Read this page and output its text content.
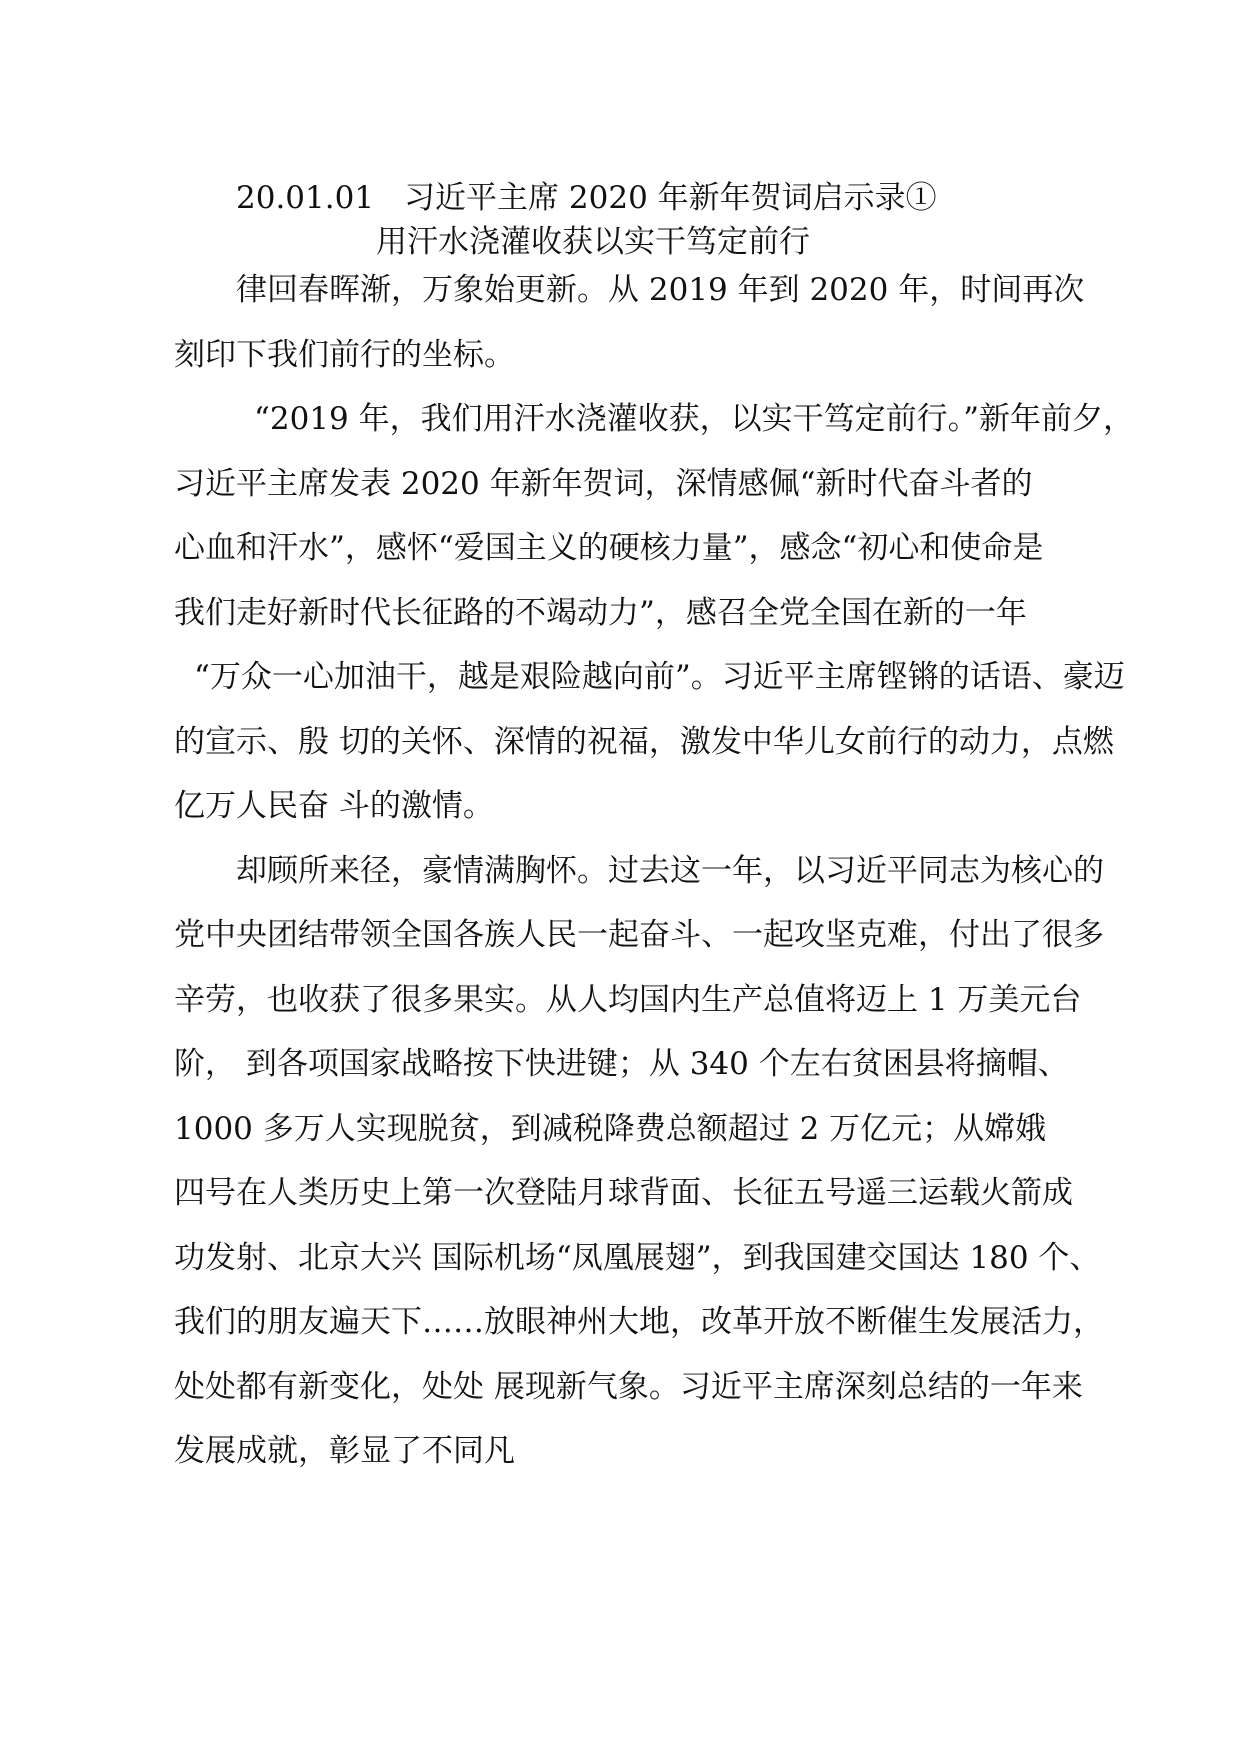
20.01.01 习近平主席 2020 年新年贺词启示录①
用汗水浇灌收获以实干笃定前行
律回春晖渐，万象始更新。从 2019 年到 2020 年，时间再次
刻印下我们前行的坐标。
“2019 年，我们用汗水浇灌收获，以实干笃定前行。”新年前夕，
习近平主席发表 2020 年新年贺词，深情感佩“新时代奋斗者的
心血和汗水”，感怀“爱国主义的硬核力量”，感念“初心和使命是
我们走好新时代长征路的不竭动力”，感召全党全国在新的一年
“万众一心加油干，越是艰险越向前”。习近平主席铿锵的话语、豪迈
的宣示、殷 切的关怀、深情的祝福，激发中华儿女前行的动力，点燃
亿万人民奋 斗的激情。
却顾所来径，豪情满胸怀。过去这一年，以习近平同志为核心的
党中央团结带领全国各族人民一起奋斗、一起攻坚克难，付出了很多
辛劳，也收获了很多果实。从人均国内生产总值将迈上 1 万美元台
阶， 到各项国家战略按下快进键；从 340 个左右贫困县将摘帽、
1000 多万人实现脱贫，到减税降费总额超过 2 万亿元；从嫦娥
四号在人类历史上第一次登陆月球背面、长征五号遥三运载火箭成
功发射、北京大兴 国际机场“凤凰展翅”，到我国建交国达 180 个、
我们的朋友遍天下……放眼神州大地，改革开放不断催生发展活力，
处处都有新变化，处处 展现新气象。习近平主席深刻总结的一年来
发展成就，彰显了不同凡
